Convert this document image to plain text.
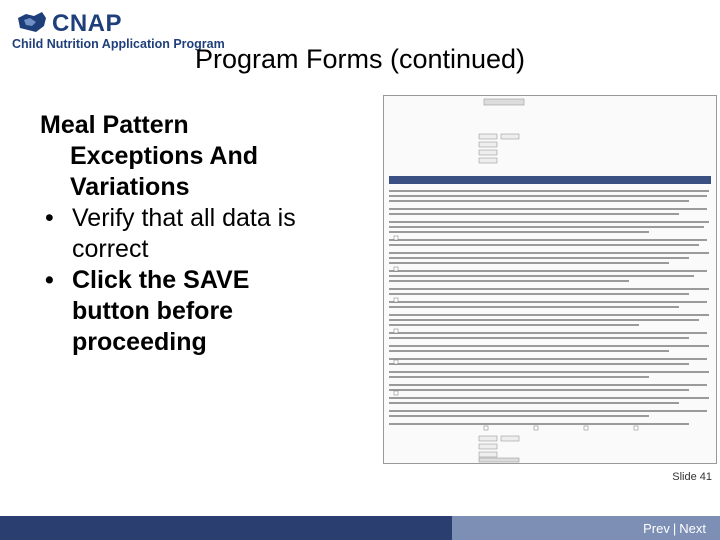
CNAP
Child Nutrition Application Program
Program Forms (continued)
Meal Pattern
Exceptions And
Variations
• Verify that all data is
correct
• Click the SAVE
button before
proceeding
Slide 41
Prev | Next
